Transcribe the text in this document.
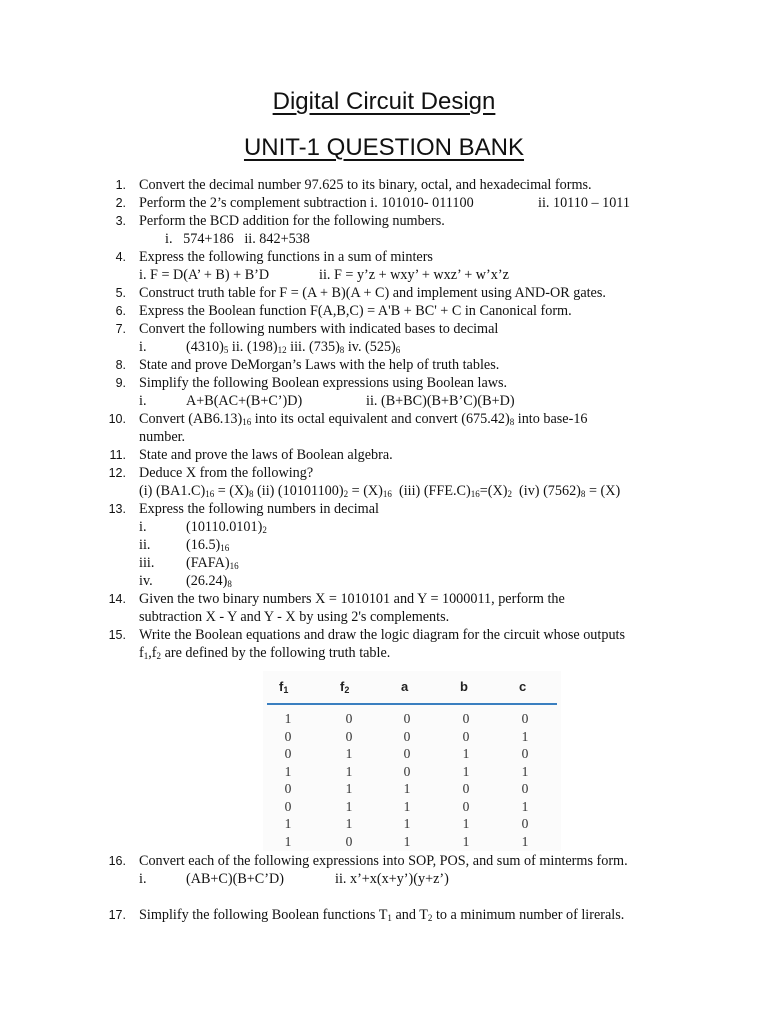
Digital Circuit Design
UNIT-1 QUESTION BANK
1. Convert the decimal number 97.625 to its binary, octal, and hexadecimal forms.
2. Perform the 2’s complement subtraction i. 101010- 011100	ii. 10110 – 1011
3. Perform the BCD addition for the following numbers.
i.   574+186   ii. 842+538
4. Express the following functions in a sum of minters
i. F = D(A’ + B) + B’D	ii. F = y’z + wxy’ + wxz’ + w’x’z
5. Construct truth table for F = (A + B)(A + C) and implement using AND-OR gates.
6. Express the Boolean function F(A,B,C) = A'B + BC' + C in Canonical form.
7. Convert the following numbers with indicated bases to decimal
i.	$(4310)_5$ ii. $(198)_{12}$ iii. $(735)_8$ iv. $(525)_6$
8. State and prove DeMorgan’s Laws with the help of truth tables.
9. Simplify the following Boolean expressions using Boolean laws.
i.	A+B(AC+(B+C’)D)	ii. (B+BC)(B+B’C)(B+D)
10. Convert $(AB6.13)_{16}$ into its octal equivalent and convert $(675.42)_8$ into base-16
number.
11. State and prove the laws of Boolean algebra.
12. Deduce X from the following?
(i) $(BA1.C)_{16} = (X)_8$ (ii) $(10101100)_2 = (X)_{16}$  (iii) $(FFE.C)_{16}=(X)_2$  (iv) $(7562)_8 = (X)$
13. Express the following numbers in decimal
i.	$(10110.0101)_2$
ii.	$(16.5)_{16}$
iii. $(FAFA)_{16}$
iv. $(26.24)_8$
14. Given the two binary numbers X = 1010101 and Y = 1000011, perform the
subtraction X - Y and Y - X by using 2's complements.
15. Write the Boolean equations and draw the logic diagram for the circuit whose outputs
$f_1,f_2$ are defined by the following truth table.
$f_1$	$f_2$	a	b	c
1	0	0	0	0
0	0	0	0	1
0	1	0	1	0
1	1	0	1	1
0	1	1	0	0
0	1	1	0	1
1	1	1	1	0
1	0	1	1	1
16. Convert each of the following expressions into SOP, POS, and sum of minterms form.
i.	(AB+C)(B+C’D)	ii. x’+x(x+y’)(y+z’)
17. Simplify the following Boolean functions $T_1$ and $T_2$ to a minimum number of lirerals.
